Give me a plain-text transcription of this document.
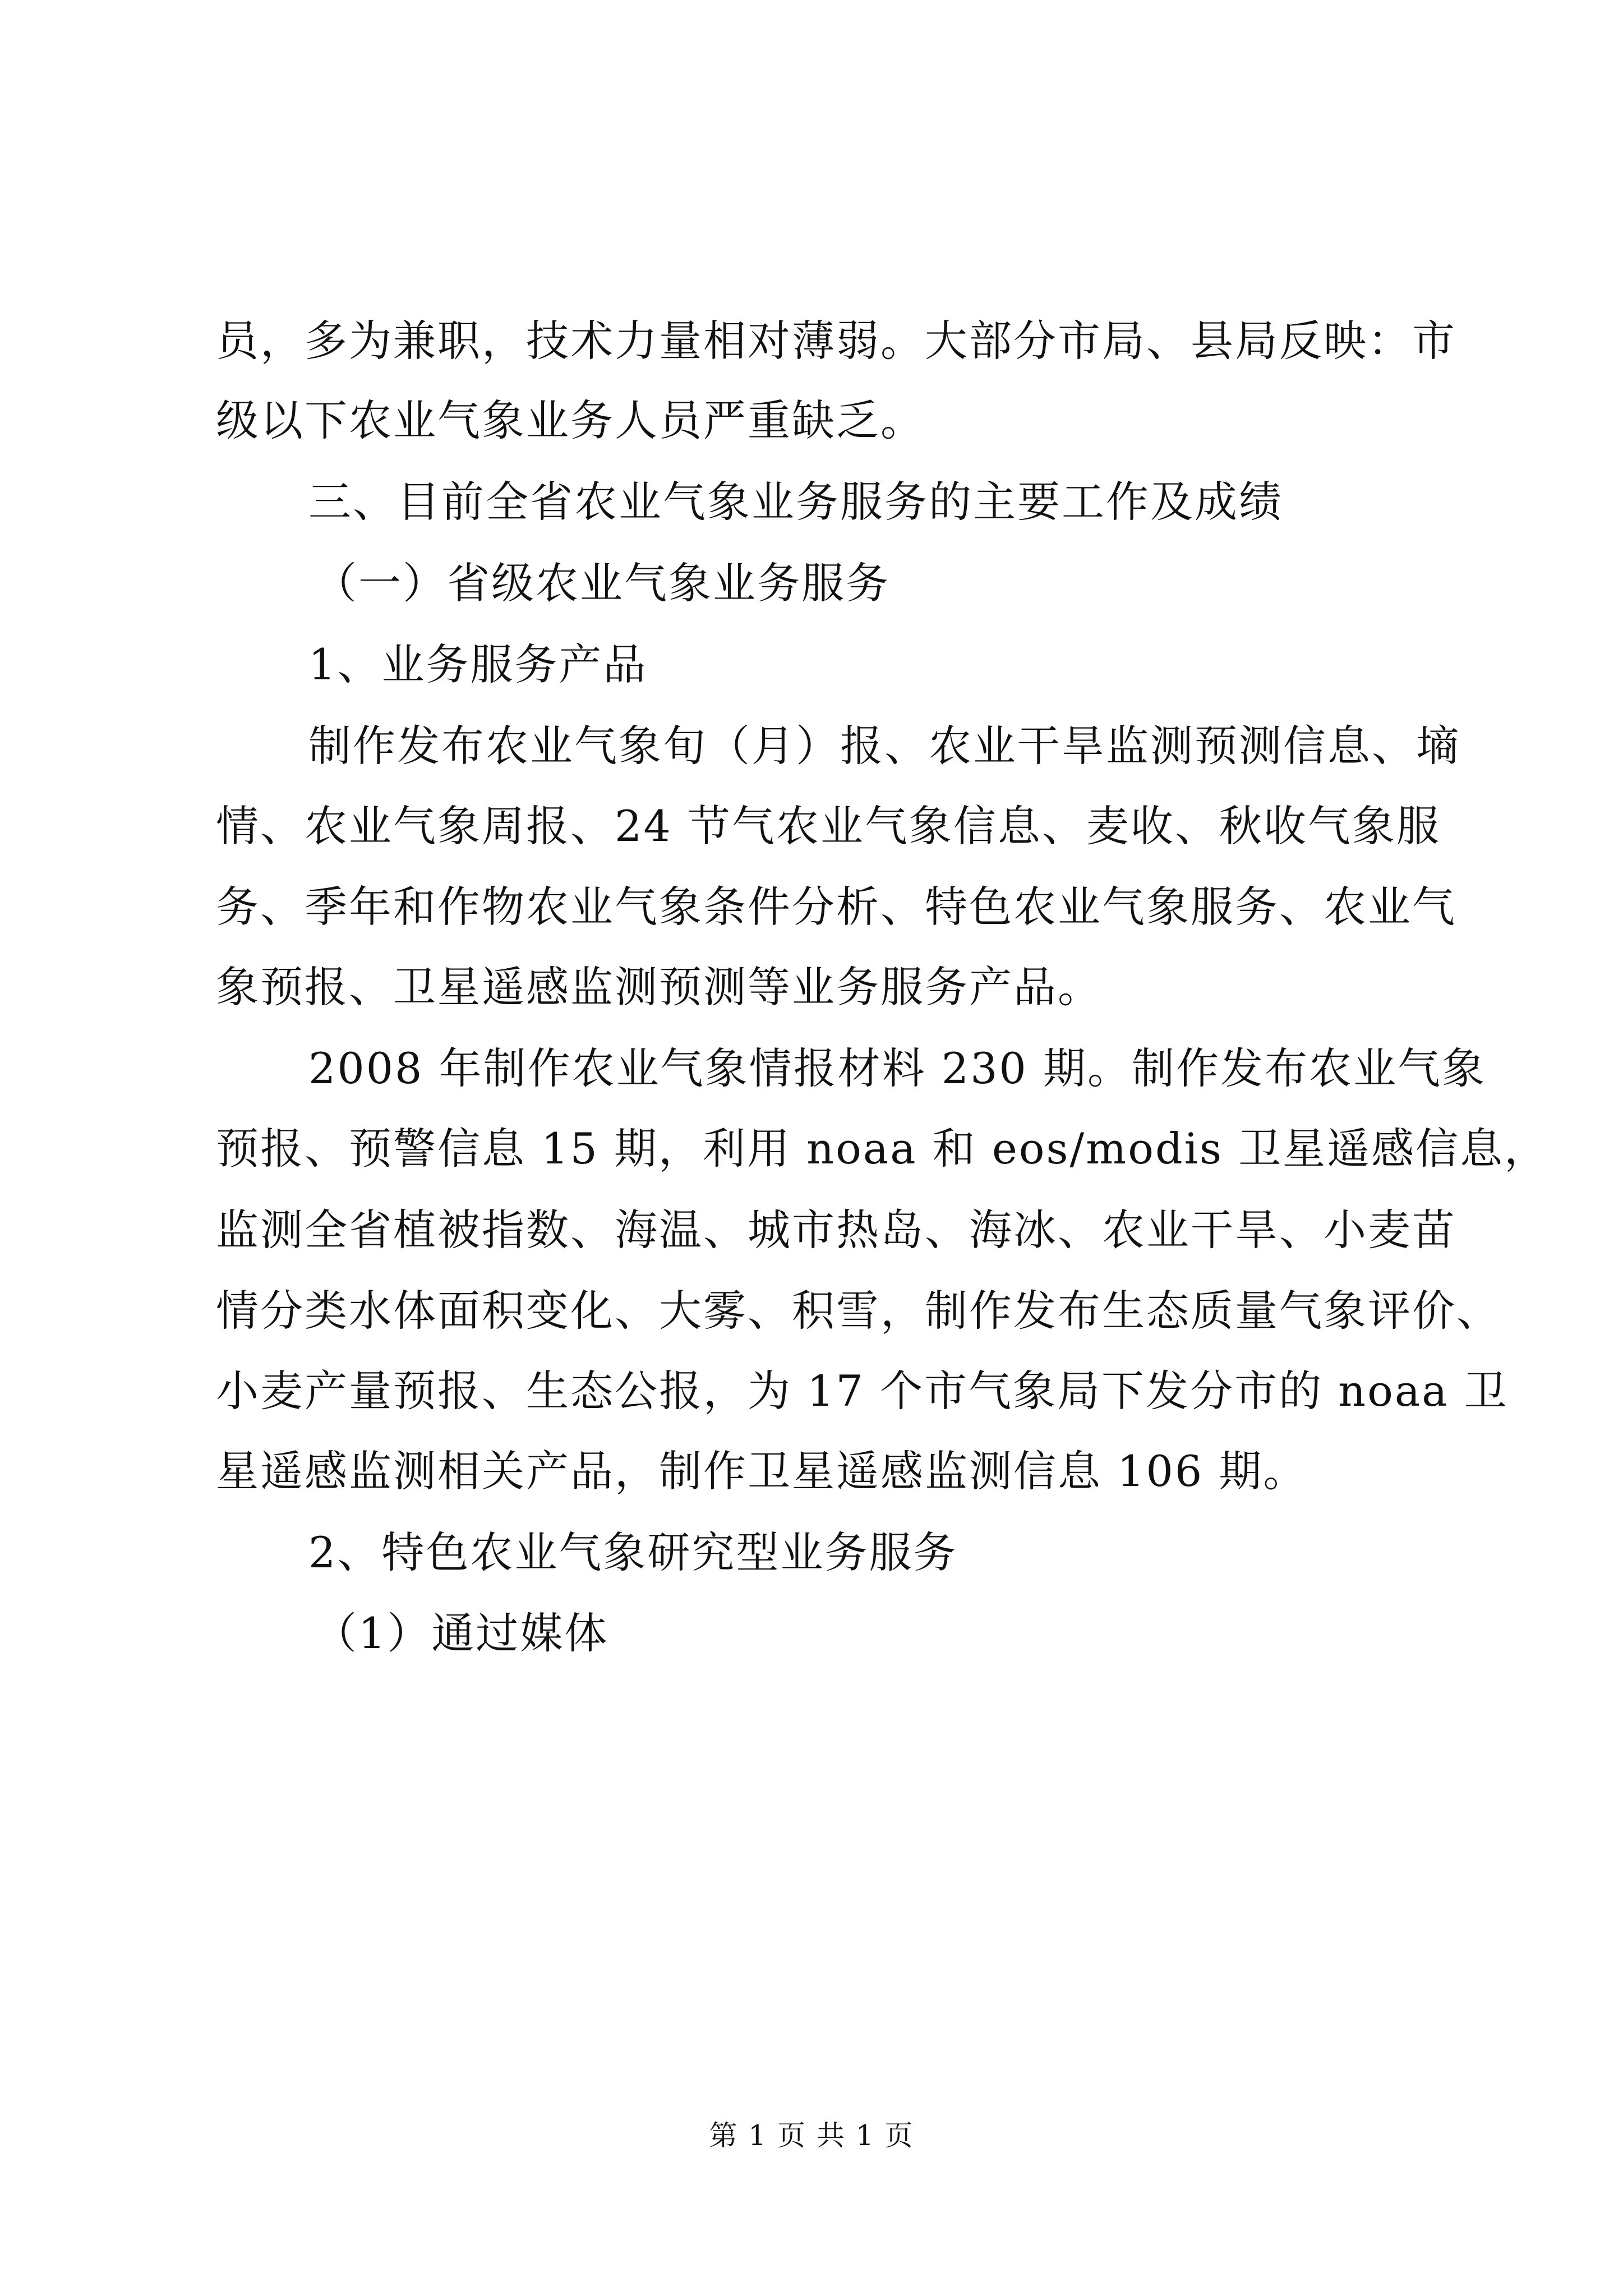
员，多为兼职，技术力量相对薄弱。大部分市局、县局反映：市
级以下农业气象业务人员严重缺乏。
三、目前全省农业气象业务服务的主要工作及成绩
（一）省级农业气象业务服务
1、业务服务产品
制作发布农业气象旬（月）报、农业干旱监测预测信息、墒
情、农业气象周报、24 节气农业气象信息、麦收、秋收气象服
务、季年和作物农业气象条件分析、特色农业气象服务、农业气
象预报、卫星遥感监测预测等业务服务产品。
2008 年制作农业气象情报材料 230 期。制作发布农业气象
预报、预警信息 15 期，利用 noaa 和 eos/modis 卫星遥感信息，
监测全省植被指数、海温、城市热岛、海冰、农业干旱、小麦苗
情分类水体面积变化、大雾、积雪，制作发布生态质量气象评价、
小麦产量预报、生态公报，为 17 个市气象局下发分市的 noaa 卫
星遥感监测相关产品，制作卫星遥感监测信息 106 期。
2、特色农业气象研究型业务服务
（1）通过媒体
第 1 页 共 1 页
